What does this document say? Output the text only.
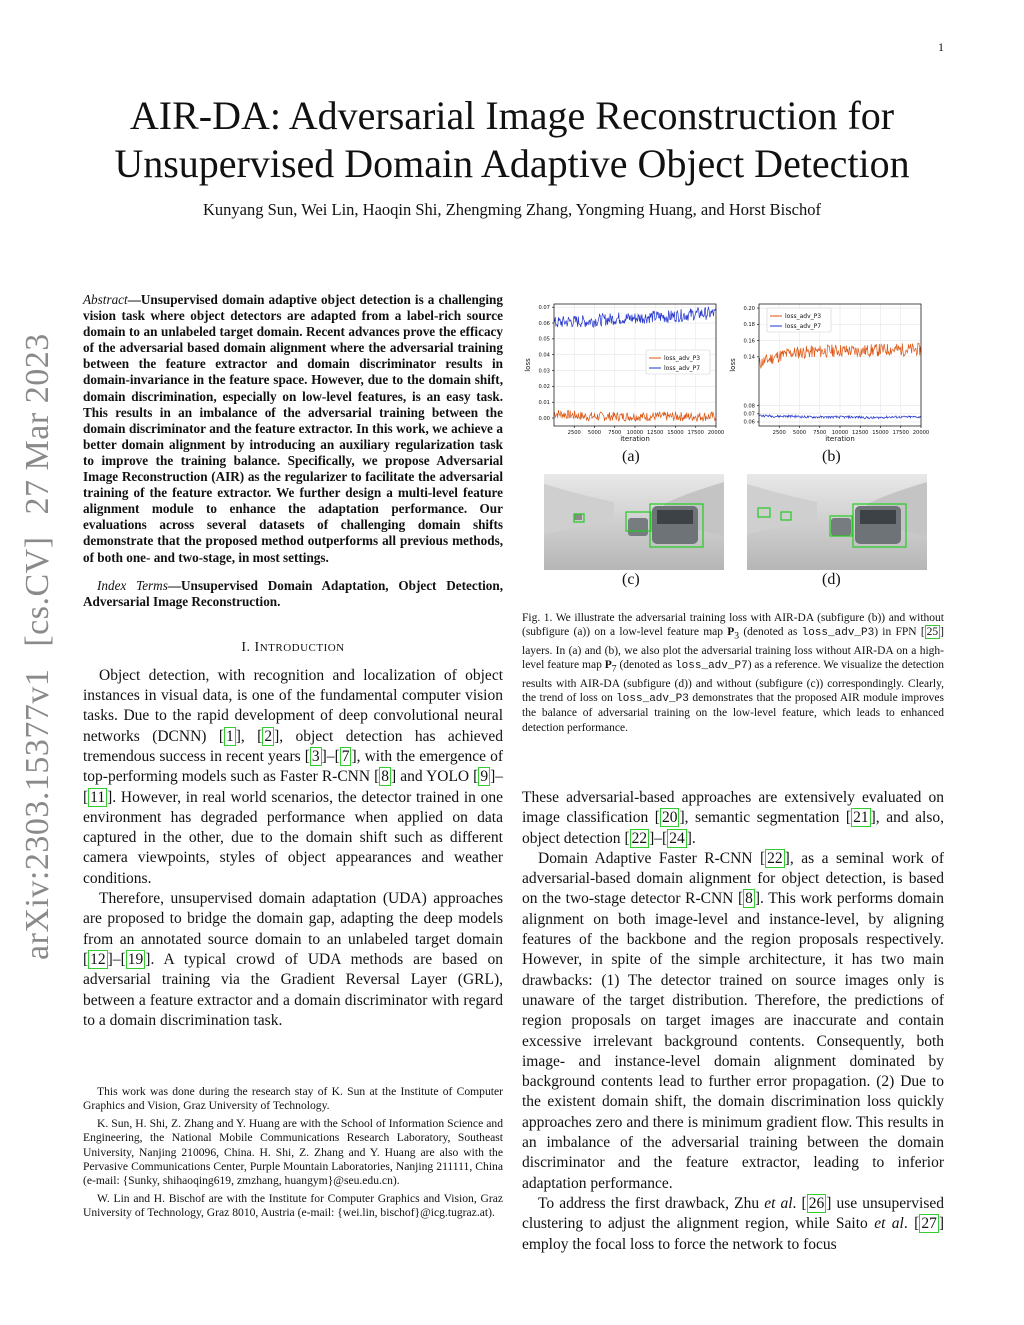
1
arXiv:2303.15377v1
[cs.CV]
27 Mar 2023
AIR-DA: Adversarial Image Reconstruction for
Unsupervised Domain Adaptive Object Detection
Kunyang Sun, Wei Lin, Haoqin Shi, Zhengming Zhang, Yongming Huang, and Horst Bischof
Abstract—Unsupervised domain adaptive object detection is a challenging vision task where object detectors are adapted from a label-rich source domain to an unlabeled target domain. Recent advances prove the efficacy of the adversarial based domain alignment where the adversarial training between the feature extractor and domain discriminator results in domain-invariance in the feature space. However, due to the domain shift, domain discrimination, especially on low-level features, is an easy task. This results in an imbalance of the adversarial training between the domain discriminator and the feature extractor. In this work, we achieve a better domain alignment by introducing an auxiliary regularization task to improve the training balance. Specifically, we propose Adversarial Image Reconstruction (AIR) as the regularizer to facilitate the adversarial training of the feature extractor. We further design a multi-level feature alignment module to enhance the adaptation performance. Our evaluations across several datasets of challenging domain shifts demonstrate that the proposed method outperforms all previous methods, of both one- and two-stage, in most settings.
Index Terms—Unsupervised Domain Adaptation, Object Detection, Adversarial Image Reconstruction.
I. INTRODUCTION

Object detection, with recognition and localization of object instances in visual data, is one of the fundamental computer vision tasks. Due to the rapid development of deep convolutional neural networks (DCNN) [ 1 ], [ 2 ], object detection has achieved tremendous success in recent years [ 3 ]–[ 7 ], with the emergence of top-performing models such as Faster R-CNN [ 8 ] and YOLO [ 9 ]–[ 11 ]. However, in real world scenarios, the detector trained in one environment has degraded performance when applied on data captured in the other, due to the domain shift such as different camera viewpoints, styles of object appearances and weather conditions.

Therefore, unsupervised domain adaptation (UDA) approaches are proposed to bridge the domain gap, adapting the deep models from an annotated source domain to an unlabeled target domain [ 12 ]–[ 19 ]. A typical crowd of UDA methods are based on adversarial training via the Gradient Reversal Layer (GRL), between a feature extractor and a domain discriminator with regard to a domain discrimination task.

This work was done during the research stay of K. Sun at the Institute of Computer Graphics and Vision, Graz University of Technology.

K. Sun, H. Shi, Z. Zhang and Y. Huang are with the School of Information Science and Engineering, the National Mobile Communications Research Laboratory, Southeast University, Nanjing 210096, China. H. Shi, Z. Zhang and Y. Huang are also with the Pervasive Communications Center, Purple Mountain Laboratories, Nanjing 211111, China (e-mail: {Sunky, shihaoqing619, zmzhang, huangym}@seu.edu.cn).

W. Lin and H. Bischof are with the Institute for Computer Graphics and Vision, Graz University of Technology, Graz 8010, Austria (e-mail: {wei.lin, bischof}@icg.tugraz.at).

2500 5000 7500 10000 12500 15000 17500 20000
0.00
0.01
0.02
0.03
0.04
0.05
0.06
0.07
iteration
loss	loss_adv_P3
loss_adv_P7
2500 5000 7500 10000 12500 15000 17500 20000
0.06
0.07
0.08
0.14
0.16
0.18
0.20
iteration
loss
loss_adv_P3
loss_adv_P7
(a)	(b)
(c)	(d)
Fig. 1. We illustrate the adversarial training loss with AIR-DA (subfigure (b)) and without (subfigure (a)) on a low-level feature map $P_3$ (denoted as loss_adv_P3) in FPN [ 25 ] layers. In (a) and (b), we also plot the adversarial training loss without AIR-DA on a high-level feature map $P_7$ (denoted as loss_adv_P7) as a reference. We visualize the detection results with AIR-DA (subfigure (d)) and without (subfigure (c)) correspondingly. Clearly, the trend of loss on loss_adv_P3 demonstrates that the proposed AIR module improves the balance of adversarial training on the low-level feature, which leads to enhanced detection performance.

These adversarial-based approaches are extensively evaluated on image classification [ 20 ], semantic segmentation [ 21 ], and also, object detection [ 22 ]–[ 24 ].

Domain Adaptive Faster R-CNN [ 22 ], as a seminal work of adversarial-based domain alignment for object detection, is based on the two-stage detector R-CNN [ 8 ]. This work performs domain alignment on both image-level and instance-level, by aligning features of the backbone and the region proposals respectively. However, in spite of the simple architecture, it has two main drawbacks: (1) The detector trained on source images only is unaware of the target distribution. Therefore, the predictions of region proposals on target images are inaccurate and contain excessive irrelevant background contents. Consequently, both image- and instance-level domain alignment dominated by background contents lead to further error propagation. (2) Due to the existent domain shift, the domain discrimination loss quickly approaches zero and there is minimum gradient flow. This results in an imbalance of the adversarial training between the domain discriminator and the feature extractor, leading to inferior adaptation performance.

To address the first drawback, Zhu et al. [ 26 ] use unsupervised clustering to adjust the alignment region, while Saito et al. [ 27 ] employ the focal loss to force the network to focus
